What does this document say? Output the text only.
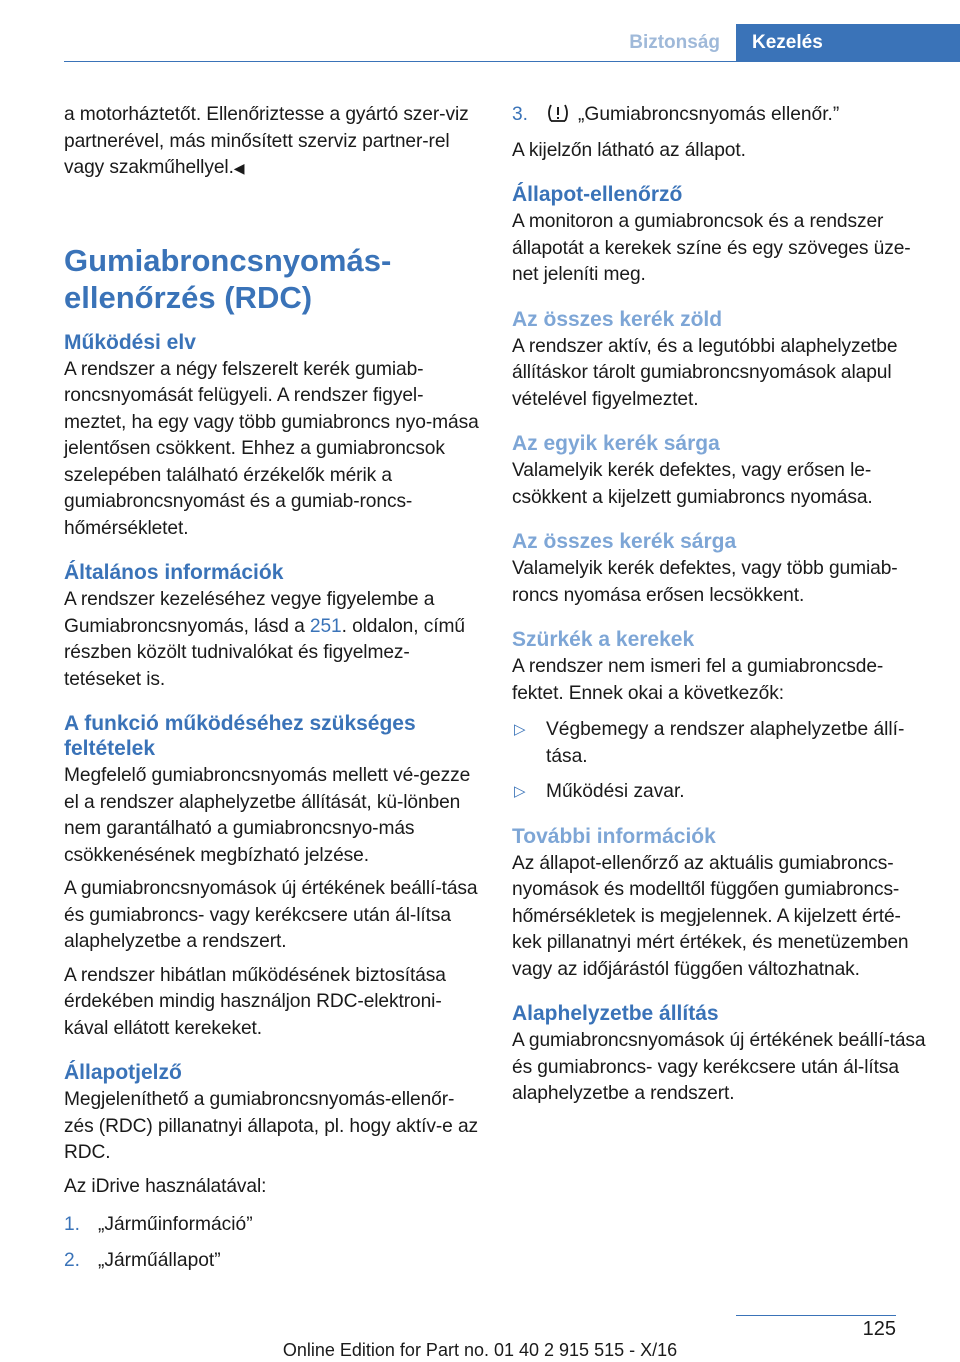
Biztonság	Kezelés

a motorháztetőt. Ellenőriztesse a gyártó szer‐viz partnerével, más minősített szerviz partner‐rel vagy szakműhellyel.◀

Gumiabroncsnyomás-ellenőrzés (RDC)
Működési elv

A rendszer a négy felszerelt kerék gumiab‐roncsnyomását felügyeli. A rendszer figyel‐meztet, ha egy vagy több gumiabroncs nyo‐mása jelentősen csökkent. Ehhez a gumiabroncsok szelepében található érzékelők mérik a gumiabroncsnyomást és a gumiab‐roncs-hőmérsékletet.

Általános információk

A rendszer kezeléséhez vegye figyelembe a Gumiabroncsnyomás, lásd a 251. oldalon, című részben közölt tudnivalókat és figyelmez‐tetéseket is.

A funkció működéséhez szükséges feltételek

Megfelelő gumiabroncsnyomás mellett vé‐gezze el a rendszer alaphelyzetbe állítását, kü‐lönben nem garantálható a gumiabroncsnyo‐más csökkenésének megbízható jelzése.

A gumiabroncsnyomások új értékének beállí‐tása és gumiabroncs- vagy kerékcsere után ál‐lítsa alaphelyzetbe a rendszert.

A rendszer hibátlan működésének biztosítása érdekében mindig használjon RDC-elektroni‐kával ellátott kerekeket.

Állapotjelző

Megjeleníthető a gumiabroncsnyomás-ellenőr‐zés (RDC) pillanatnyi állapota, pl. hogy aktív-e az RDC.

Az iDrive használatával:

1. „Járműinformáció”
2. „Járműállapot”
3.	„Gumiabroncsnyomás ellenőr.”

A kijelzőn látható az állapot.

Állapot-ellenőrző

A monitoron a gumiabroncsok és a rendszer állapotát a kerekek színe és egy szöveges üze‐net jeleníti meg.

Az összes kerék zöld

A rendszer aktív, és a legutóbbi alaphelyzetbe állításkor tárolt gumiabroncsnyomások alapul vételével figyelmeztet.

Az egyik kerék sárga

Valamelyik kerék defektes, vagy erősen le‐csökkent a kijelzett gumiabroncs nyomása.

Az összes kerék sárga

Valamelyik kerék defektes, vagy több gumiab‐roncs nyomása erősen lecsökkent.

Szürkék a kerekek

A rendszer nem ismeri fel a gumiabroncsde‐fektet. Ennek okai a következők:

▷ Végbemegy a rendszer alaphelyzetbe állí‐tása.
▷ Működési zavar.
További információk

Az állapot-ellenőrző az aktuális gumiabroncs‐nyomások és modelltől függően gumiabroncs‐hőmérsékletek is megjelennek. A kijelzett érté‐kek pillanatnyi mért értékek, és menetüzemben vagy az időjárástól függően változhatnak.

Alaphelyzetbe állítás

A gumiabroncsnyomások új értékének beállí‐tása és gumiabroncs- vagy kerékcsere után ál‐lítsa alaphelyzetbe a rendszert.

125
Online Edition for Part no. 01 40 2 915 515 - X/16
